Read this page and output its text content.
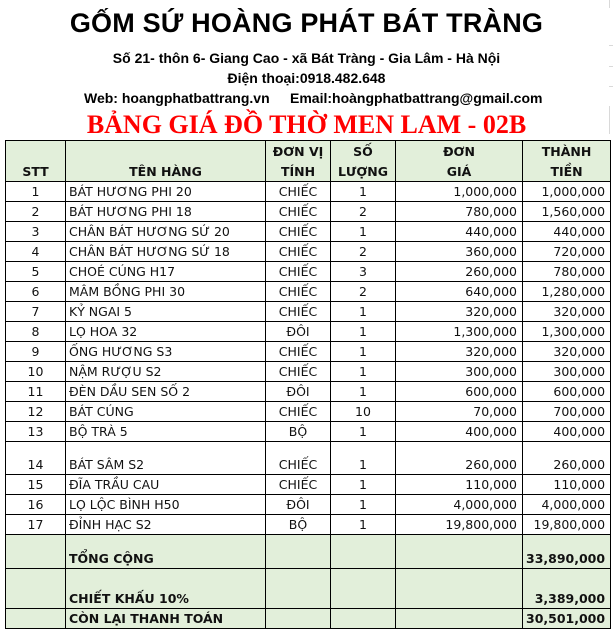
GỐM SỨ HOÀNG PHÁT BÁT TRÀNG
Số 21- thôn 6- Giang Cao - xã Bát Tràng - Gia Lâm - Hà Nội
Điện thoại:0918.482.648
Web: hoangphatbattrang.vn Email:hoàngphatbattrang@gmail.com
BẢNG GIÁ ĐỒ THỜ MEN LAM - 02B
STT	TÊN HÀNG	ĐƠN VỊ	SỐ	ĐƠN	THÀNH
		TÍNH	LƯỢNG	GIÁ	TIỀN
1	BÁT HƯƠNG PHI 20	CHIẾC	1	1,000,000	1,000,000
2	BÁT HƯƠNG PHI 18	CHIẾC	2	780,000	1,560,000
3	CHÂN BÁT HƯƠNG SỨ 20	CHIẾC	1	440,000	440,000
4	CHÂN BÁT HƯƠNG SỨ 18	CHIẾC	2	360,000	720,000
5	CHOÉ CÚNG H17	CHIẾC	3	260,000	780,000
6	MÂM BỒNG PHI 30	CHIẾC	2	640,000	1,280,000
7	KỶ NGAI 5	CHIẾC	1	320,000	320,000
8	LỌ HOA 32	ĐÔI	1	1,300,000	1,300,000
9	ỐNG HƯƠNG S3	CHIẾC	1	320,000	320,000
10	NẬM RƯỢU S2	CHIẾC	1	300,000	300,000
11	ĐÈN DẦU SEN SỐ 2	ĐÔI	1	600,000	600,000
12	BÁT CÚNG	CHIẾC	10	70,000	700,000
13	BỘ TRÀ 5	BỘ	1	400,000	400,000
14	BÁT SÂM S2	CHIẾC	1	260,000	260,000
15	ĐĨA TRẦU CAU	CHIẾC	1	110,000	110,000
16	LỌ LỘC BÌNH H50	ĐÔI	1	4,000,000	4,000,000
17	ĐỈNH HẠC S2	BỘ	1	19,800,000	19,800,000
	TỔNG CỘNG				33,890,000
	CHIẾT KHẤU 10%				3,389,000
	CÒN LẠI THANH TOÁN				30,501,000
